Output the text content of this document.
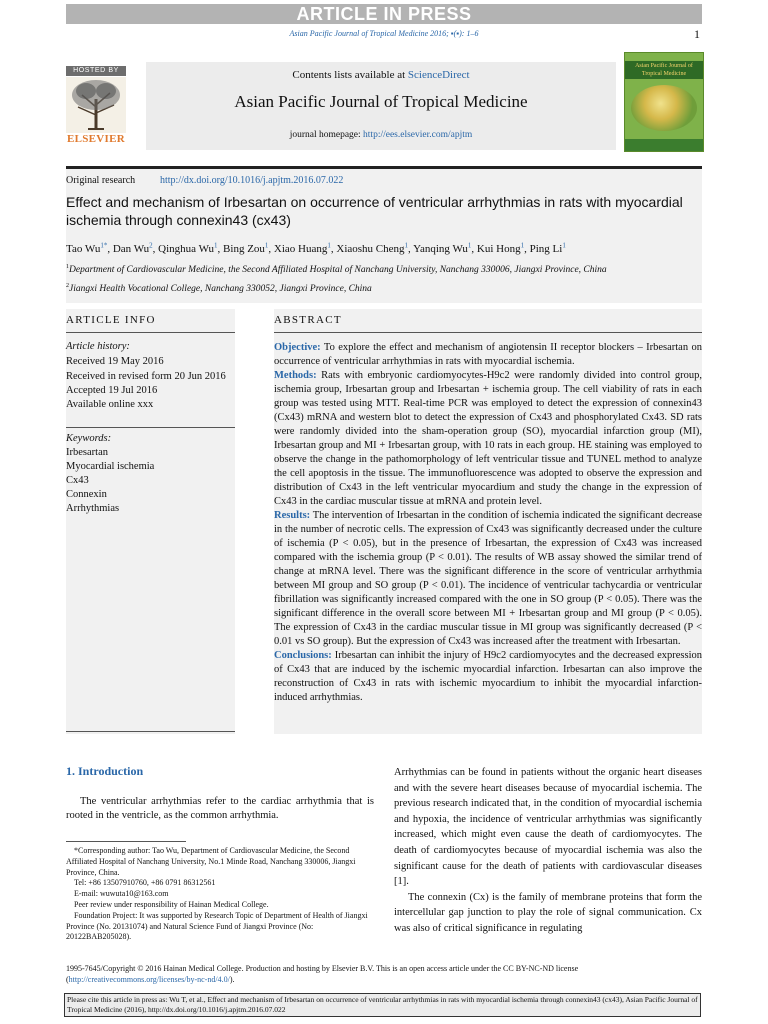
ARTICLE IN PRESS
Asian Pacific Journal of Tropical Medicine 2016; ▪(▪): 1–6	1
HOSTED BY
ELSEVIER
Contents lists available at ScienceDirect
Asian Pacific Journal of Tropical Medicine
journal homepage: http://ees.elsevier.com/apjtm
Asian Pacific Journal of Tropical Medicine
Original research http://dx.doi.org/10.1016/j.apjtm.2016.07.022
Effect and mechanism of Irbesartan on occurrence of ventricular arrhythmias in rats with myocardial ischemia through connexin43 (cx43)
Tao $Wu^{1*}$, Dan Wu$^2$, Qinghua Wu$^1$, Bing Zou$^1$, Xiao Huang$^1$, Xiaoshu Cheng$^1$, Yanqing Wu$^1$, Kui Hong$^1$, Ping Li$^1$
$^1$Department of Cardiovascular Medicine, the Second Affiliated Hospital of Nanchang University, Nanchang 330006, Jiangxi Province, China
$^2$Jiangxi Health Vocational College, Nanchang 330052, Jiangxi Province, China
ARTICLE INFO
Article history:
Received 19 May 2016
Received in revised form 20 Jun 2016
Accepted 19 Jul 2016
Available online xxx
Keywords:
Irbesartan
Myocardial ischemia
Cx43
Connexin
Arrhythmias
ABSTRACT

Objective: To explore the effect and mechanism of angiotensin II receptor blockers – Irbesartan on occurrence of ventricular arrhythmias in rats with myocardial ischemia.

Methods: Rats with embryonic cardiomyocytes-H9c2 were randomly divided into control group, ischemia group, Irbesartan group and Irbesartan + ischemia group. The cell viability of rats in each group was tested using MTT. Real-time PCR was employed to detect the expression of connexin43 (Cx43) mRNA and western blot to detect the expression of Cx43 and phosphorylated Cx43. SD rats were randomly divided into the sham-operation group (SO), myocardial infarction group (MI), Irbesartan group and MI + Irbesartan group, with 10 rats in each group. HE staining was employed to observe the change in the pathomorphology of left ventricular tissue and TUNEL method to analyze the cell apoptosis in the tissue. The immunofluorescence was adopted to observe the expression and distribution of Cx43 in the left ventricular myocardium and study the change in the expression of Cx43 in the cardiac muscular tissue at mRNA and protein level.

Results: The intervention of Irbesartan in the condition of ischemia indicated the significant decrease in the number of necrotic cells. The expression of Cx43 was significantly decreased under the culture of ischemia (P < 0.05), but in the presence of Irbesartan, the expression of Cx43 was increased compared with the ischemia group (P < 0.01). The results of WB assay showed the similar trend of change at mRNA level. There was the significant difference in the score of ventricular arrhythmia between MI group and SO group (P < 0.01). The incidence of ventricular tachycardia or ventricular fibrillation was significantly increased compared with the one in SO group (P < 0.05). There was the significant difference in the overall score between MI + Irbesartan group and MI group (P < 0.05). The expression of Cx43 in the cardiac muscular tissue in MI group was significantly decreased (P < 0.01 vs SO group). But the expression of Cx43 was increased after the treatment with Irbesartan.

Conclusions: Irbesartan can inhibit the injury of H9c2 cardiomyocytes and the decreased expression of Cx43 that are induced by the ischemic myocardial infarction. Irbesartan can also improve the reconstruction of Cx43 in rats with ischemic myocardium to inhibit the myocardial infarction-induced arrhythmias.

1. Introduction
The ventricular arrhythmias refer to the cardiac arrhythmia that is rooted in the ventricle, as the common arrhythmia.
*Corresponding author: Tao Wu, Department of Cardiovascular Medicine, the Second Affiliated Hospital of Nanchang University, No.1 Minde Road, Nanchang 330006, Jiangxi Province, China.
Tel: +86 13507910760, +86 0791 86312561
E-mail: wuwuta10@163.com
Peer review under responsibility of Hainan Medical College.
Foundation Project: It was supported by Research Topic of Department of Health of Jiangxi Province (No. 20131074) and Natural Science Fund of Jiangxi Province (No: 20122BAB205028).

Arrhythmias can be found in patients without the organic heart diseases and with the severe heart diseases because of myocardial ischemia. The previous research indicated that, in the condition of myocardial ischemia and hypoxia, the incidence of ventricular arrhythmias was significantly increased, which might even cause the death of cardiomyocytes. The death of cardiomyocytes because of myocardial ischemia was also the significant cause for the death of patients with cardiovascular diseases [1].

The connexin (Cx) is the family of membrane proteins that form the intercellular gap junction to play the role of signal communication. Cx was also of critical significance in regulating

1995-7645/Copyright © 2016 Hainan Medical College. Production and hosting by Elsevier B.V. This is an open access article under the CC BY-NC-ND license (http://creativecommons.org/licenses/by-nc-nd/4.0/).
Please cite this article in press as: Wu T, et al., Effect and mechanism of Irbesartan on occurrence of ventricular arrhythmias in rats with myocardial ischemia through connexin43 (cx43), Asian Pacific Journal of Tropical Medicine (2016), http://dx.doi.org/10.1016/j.apjtm.2016.07.022
